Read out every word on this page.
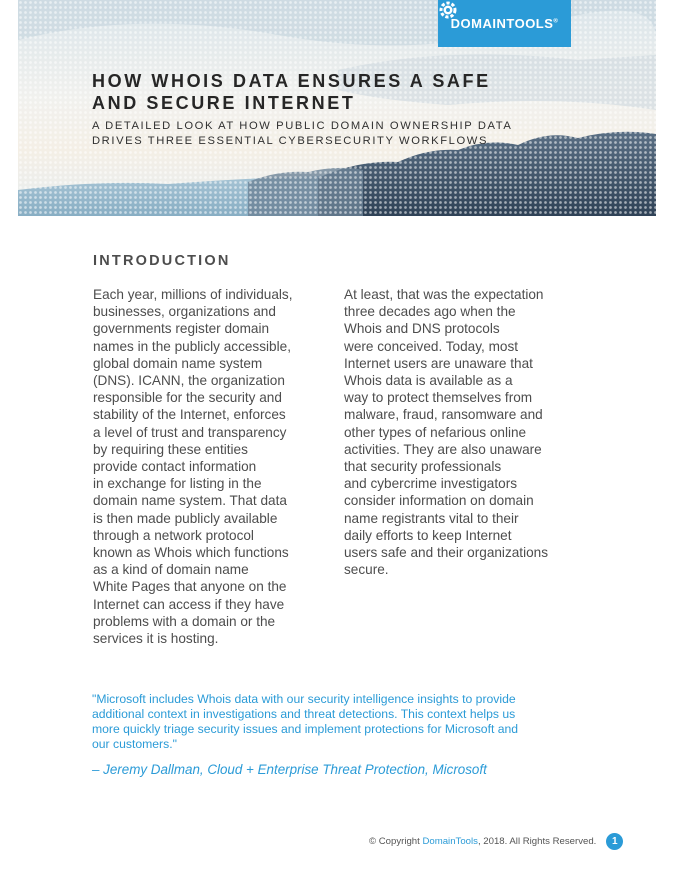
DOMAINTOOLS®
HOW WHOIS DATA ENSURES A SAFE
AND SECURE INTERNET

A DETAILED LOOK AT HOW PUBLIC DOMAIN OWNERSHIP DATA
DRIVES THREE ESSENTIAL CYBERSECURITY WORKFLOWS

INTRODUCTION

Each year, millions of individuals,
businesses, organizations and
governments register domain
names in the publicly accessible,
global domain name system
(DNS). ICANN, the organization
responsible for the security and
stability of the Internet, enforces
a level of trust and transparency
by requiring these entities
provide contact information
in exchange for listing in the
domain name system. That data
is then made publicly available
through a network protocol
known as Whois which functions
as a kind of domain name
White Pages that anyone on the
Internet can access if they have
problems with a domain or the
services it is hosting.

At least, that was the expectation
three decades ago when the
Whois and DNS protocols
were conceived. Today, most
Internet users are unaware that
Whois data is available as a
way to protect themselves from
malware, fraud, ransomware and
other types of nefarious online
activities. They are also unaware
that security professionals
and cybercrime investigators
consider information on domain
name registrants vital to their
daily efforts to keep Internet
users safe and their organizations
secure.

"Microsoft includes Whois data with our security intelligence insights to provide
additional context in investigations and threat detections. This context helps us
more quickly triage security issues and implement protections for Microsoft and
our customers."

– Jeremy Dallman, Cloud + Enterprise Threat Protection, Microsoft

© Copyright DomainTools, 2018. All Rights Reserved.	1
